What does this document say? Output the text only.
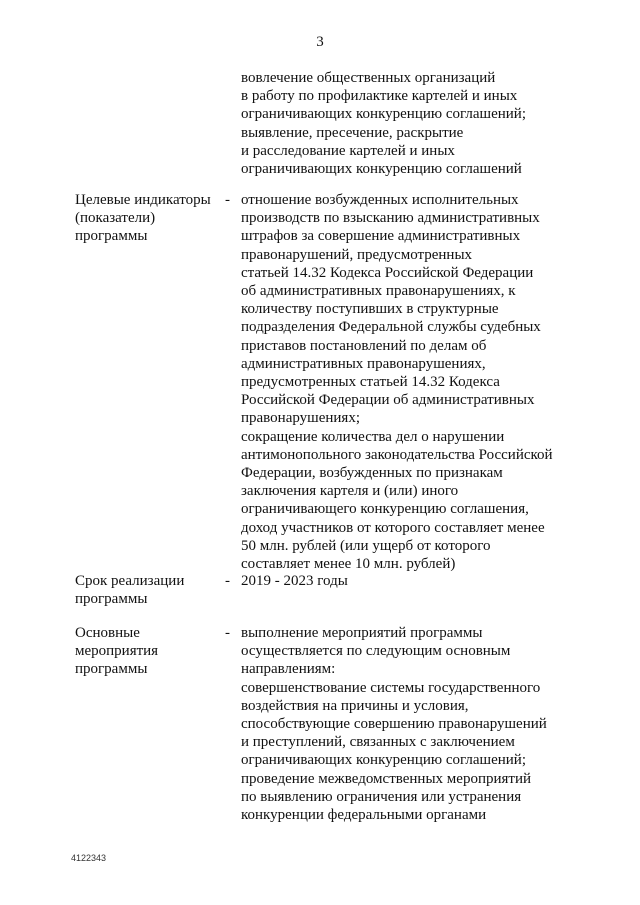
3
вовлечение общественных организаций
в работу по профилактике картелей и иных
ограничивающих конкуренцию соглашений;
выявление, пресечение, раскрытие
и расследование картелей и иных
ограничивающих конкуренцию соглашений
Целевые индикаторы
(показатели)
программы
- отношение возбужденных исполнительных
производств по взысканию административных
штрафов за совершение административных
правонарушений, предусмотренных
статьей 14.32 Кодекса Российской Федерации
об административных правонарушениях, к
количеству поступивших в структурные
подразделения Федеральной службы судебных
приставов постановлений по делам об
административных правонарушениях,
предусмотренных статьей 14.32 Кодекса
Российской Федерации об административных
правонарушениях;
сокращение количества дел о нарушении
антимонопольного законодательства Российской
Федерации, возбужденных по признакам
заключения картеля и (или) иного
ограничивающего конкуренцию соглашения,
доход участников от которого составляет менее
50 млн. рублей (или ущерб от которого
составляет менее 10 млн. рублей)
Срок реализации
программы
- 2019 - 2023 годы
Основные
мероприятия
программы
- выполнение мероприятий программы
осуществляется по следующим основным
направлениям:
совершенствование системы государственного
воздействия на причины и условия,
способствующие совершению правонарушений
и преступлений, связанных с заключением
ограничивающих конкуренцию соглашений;
проведение межведомственных мероприятий
по выявлению ограничения или устранения
конкуренции федеральными органами
4122343
